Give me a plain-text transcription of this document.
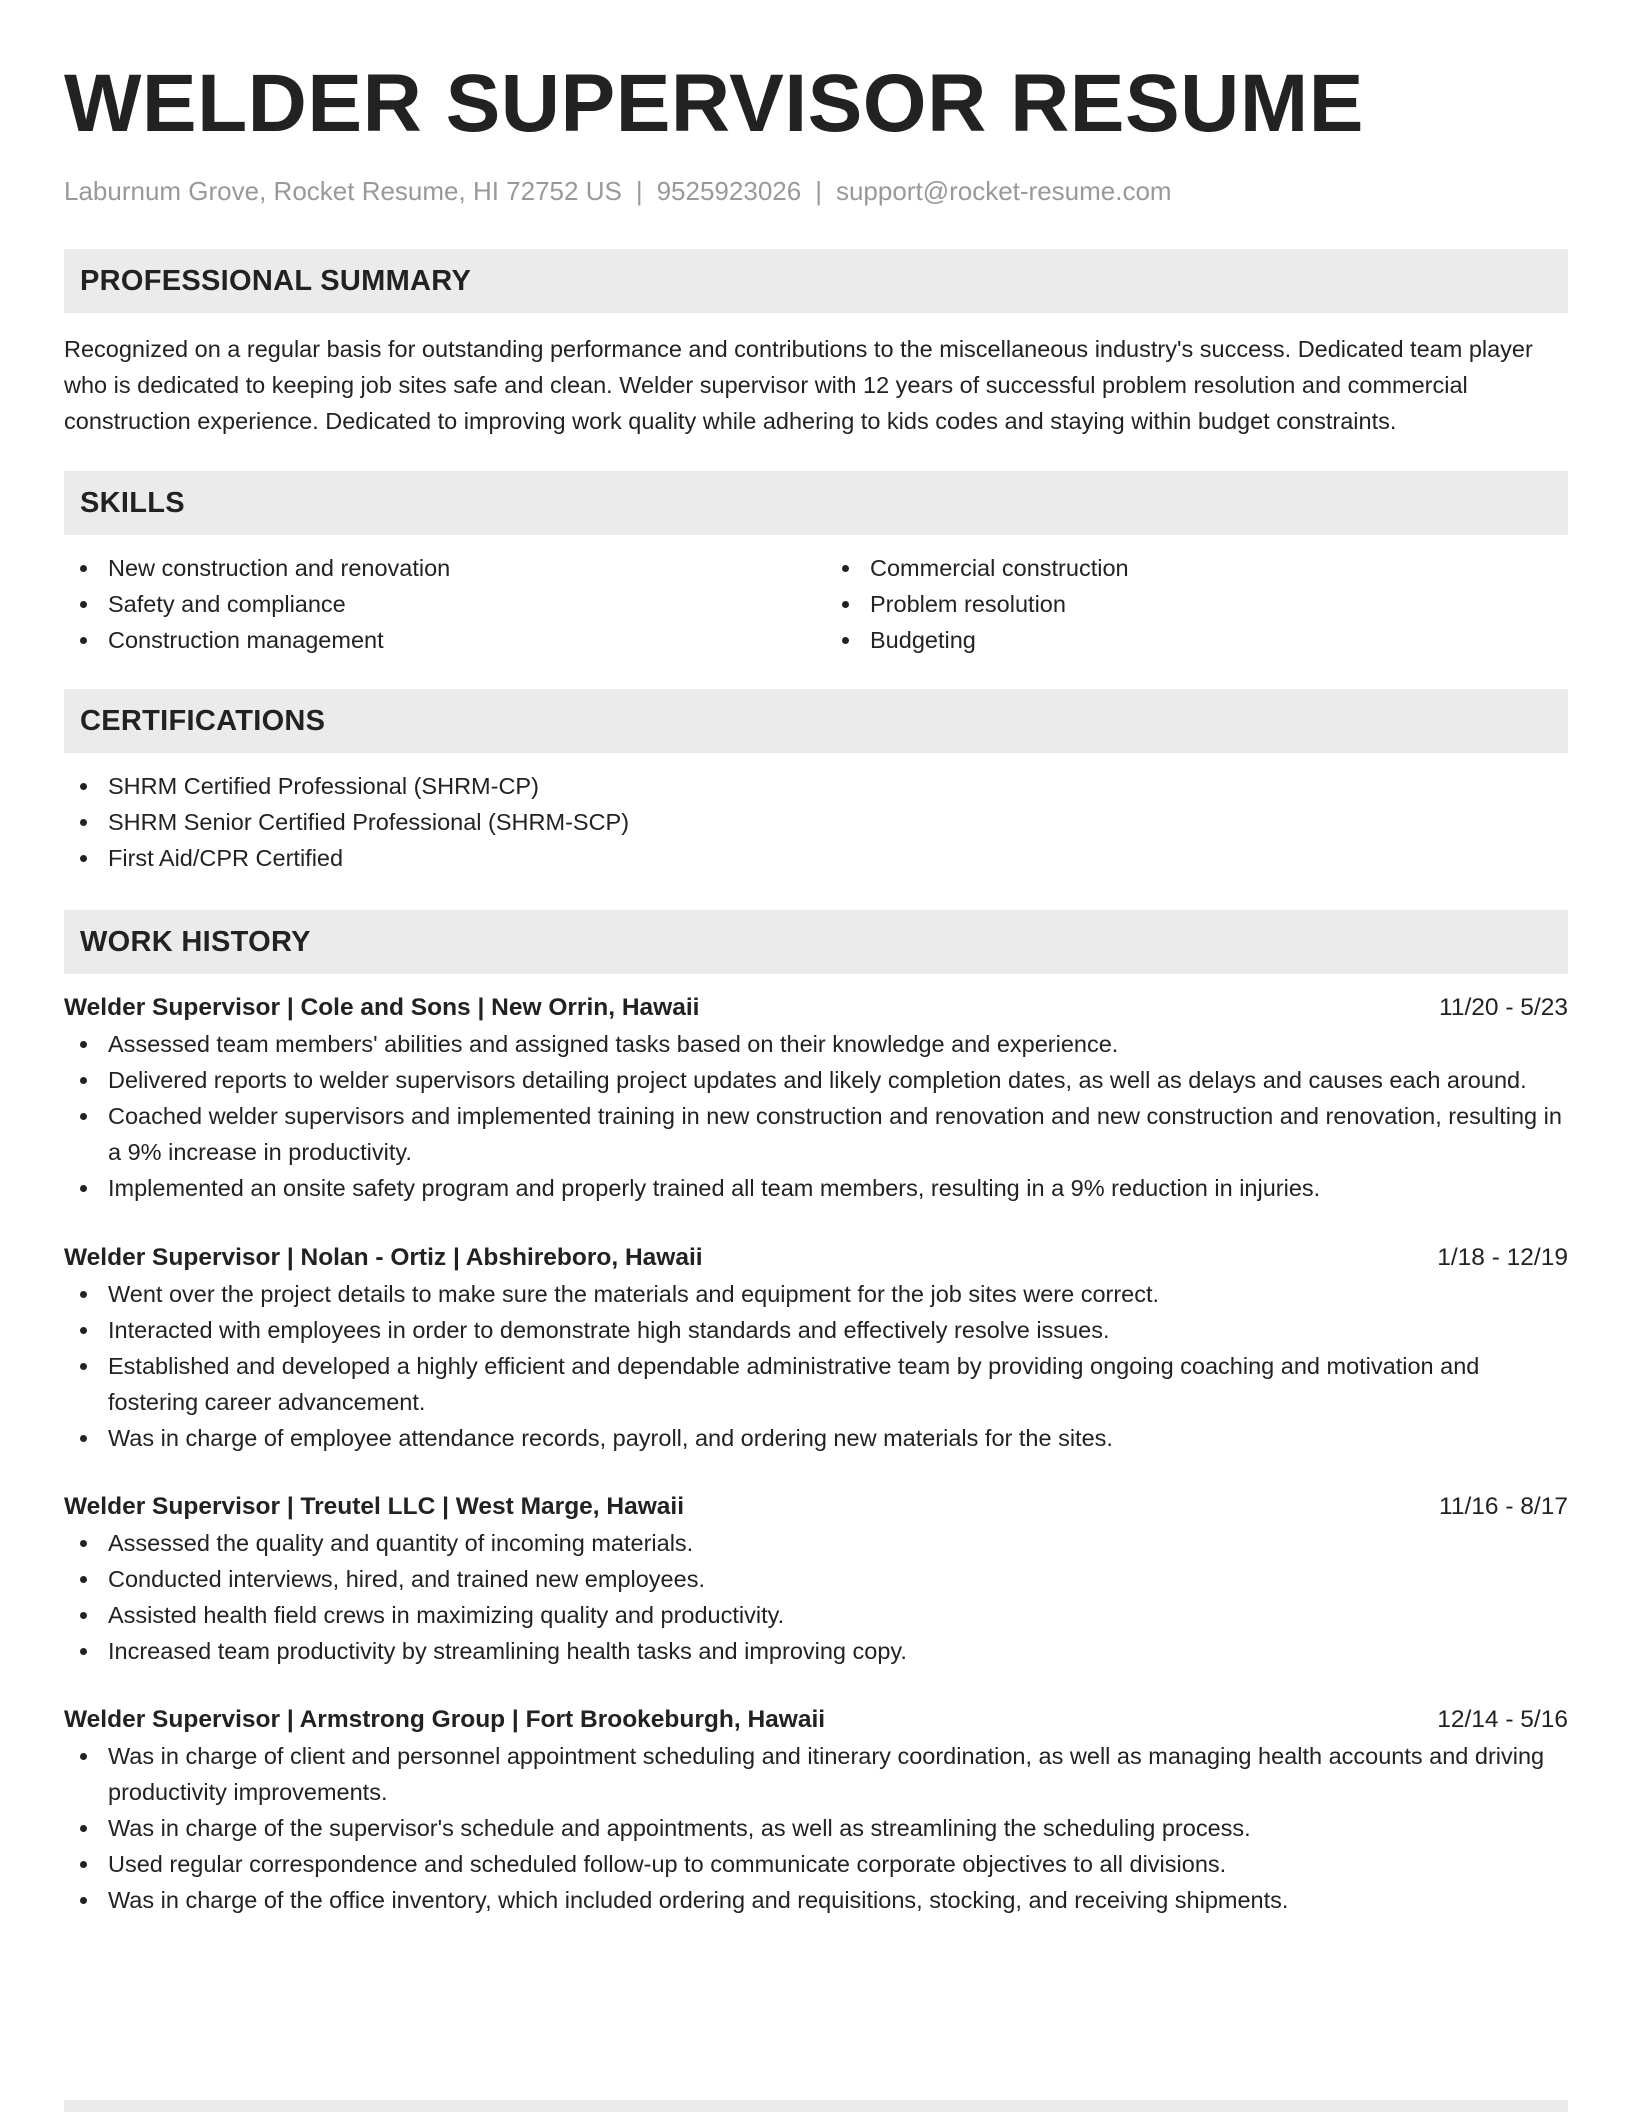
WELDER SUPERVISOR RESUME
Laburnum Grove, Rocket Resume, HI 72752 US | 9525923026 | support@rocket-resume.com
PROFESSIONAL SUMMARY

Recognized on a regular basis for outstanding performance and contributions to the miscellaneous industry's success. Dedicated team player who is dedicated to keeping job sites safe and clean. Welder supervisor with 12 years of successful problem resolution and commercial construction experience. Dedicated to improving work quality while adhering to kids codes and staying within budget constraints.

SKILLS
New construction and renovation
Safety and compliance
Construction management
Commercial construction
Problem resolution
Budgeting
CERTIFICATIONS
SHRM Certified Professional (SHRM-CP)
SHRM Senior Certified Professional (SHRM-SCP)
First Aid/CPR Certified
WORK HISTORY
Welder Supervisor | Cole and Sons | New Orrin, Hawaii	11/20 - 5/23
Assessed team members' abilities and assigned tasks based on their knowledge and experience.
Delivered reports to welder supervisors detailing project updates and likely completion dates, as well as delays and causes each around.
Coached welder supervisors and implemented training in new construction and renovation and new construction and renovation, resulting in a 9% increase in productivity.
Implemented an onsite safety program and properly trained all team members, resulting in a 9% reduction in injuries.
Welder Supervisor | Nolan - Ortiz | Abshireboro, Hawaii	1/18 - 12/19
Went over the project details to make sure the materials and equipment for the job sites were correct.
Interacted with employees in order to demonstrate high standards and effectively resolve issues.
Established and developed a highly efficient and dependable administrative team by providing ongoing coaching and motivation and fostering career advancement.
Was in charge of employee attendance records, payroll, and ordering new materials for the sites.
Welder Supervisor | Treutel LLC | West Marge, Hawaii	11/16 - 8/17
Assessed the quality and quantity of incoming materials.
Conducted interviews, hired, and trained new employees.
Assisted health field crews in maximizing quality and productivity.
Increased team productivity by streamlining health tasks and improving copy.
Welder Supervisor | Armstrong Group | Fort Brookeburgh, Hawaii	12/14 - 5/16
Was in charge of client and personnel appointment scheduling and itinerary coordination, as well as managing health accounts and driving productivity improvements.
Was in charge of the supervisor's schedule and appointments, as well as streamlining the scheduling process.
Used regular correspondence and scheduled follow-up to communicate corporate objectives to all divisions.
Was in charge of the office inventory, which included ordering and requisitions, stocking, and receiving shipments.
